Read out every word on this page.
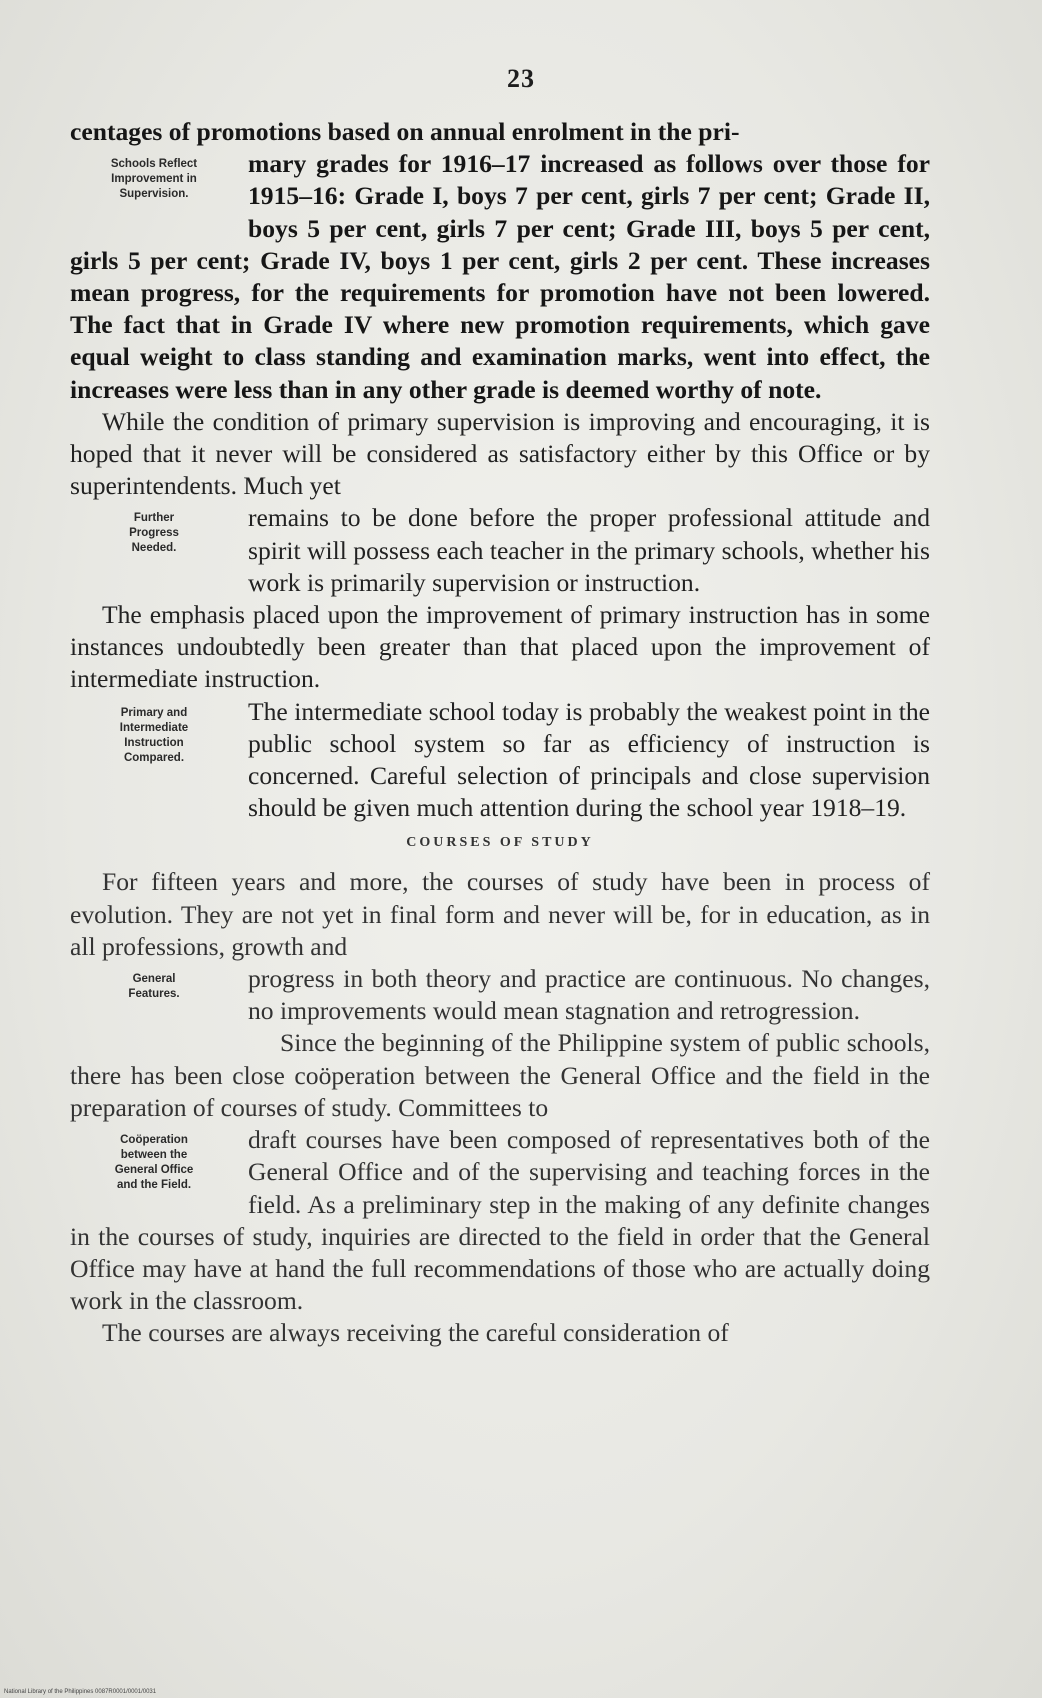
23

centages of promotions based on annual enrolment in the pri-

Schools Reflect
Improvement in
Supervision.

mary grades for 1916–17 increased as follows over those for 1915–16: Grade I, boys 7 per cent, girls 7 per cent; Grade II, boys 5 per cent, girls 7 per cent; Grade III, boys 5 per cent, girls 5 per cent; Grade IV, boys 1 per cent, girls 2 per cent. These increases mean progress, for the requirements for promotion have not been lowered. The fact that in Grade IV where new promotion requirements, which gave equal weight to class standing and examination marks, went into effect, the increases were less than in any other grade is deemed worthy of note.

While the condition of primary supervision is improving and encouraging, it is hoped that it never will be considered as satisfactory either by this Office or by superintendents. Much yet

Further
Progress
Needed.

remains to be done before the proper professional attitude and spirit will possess each teacher in the primary schools, whether his work is primarily supervision or instruction.

The emphasis placed upon the improvement of primary instruction has in some instances undoubtedly been greater than that placed upon the improvement of intermediate instruction.

Primary and
Intermediate
Instruction
Compared.

The intermediate school today is probably the weakest point in the public school system so far as efficiency of instruction is concerned. Careful selection of principals and close supervision should be given much attention during the school year 1918–19.

COURSES OF STUDY

For fifteen years and more, the courses of study have been in process of evolution. They are not yet in final form and never will be, for in education, as in all professions, growth and

General
Features.

progress in both theory and practice are continuous. No changes, no improvements would mean stagnation and retrogression.

Since the beginning of the Philippine system of public schools, there has been close coöperation between the General Office and the field in the preparation of courses of study. Committees to

Coöperation
between the
General Office
and the Field.

draft courses have been composed of representatives both of the General Office and of the supervising and teaching forces in the field. As a preliminary step in the making of any definite changes in the courses of study, inquiries are directed to the field in order that the General Office may have at hand the full recommendations of those who are actually doing work in the classroom.

The courses are always receiving the careful consideration of

National Library of the Philippines 0087R0001/0001/0031
